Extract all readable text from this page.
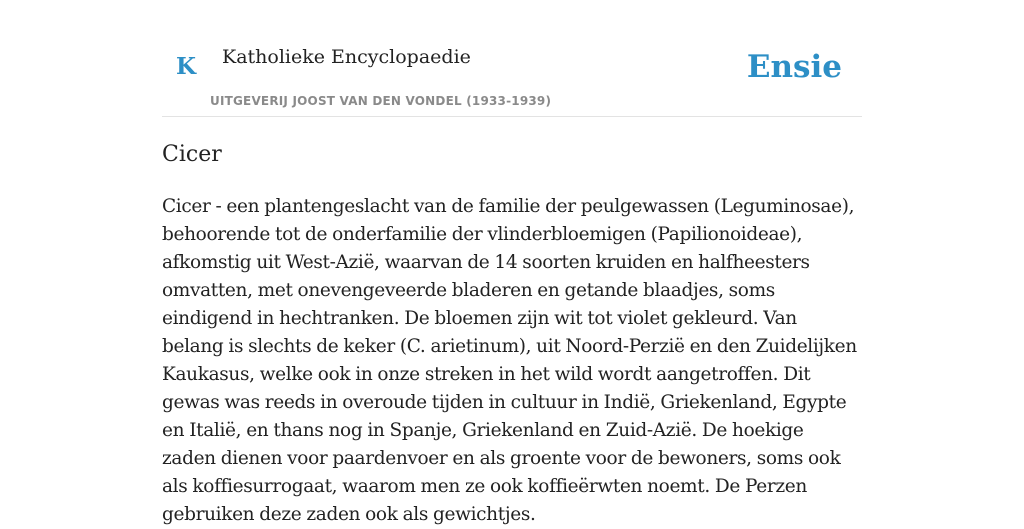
K Katholieke Encyclopaedie
UITGEVERIJ JOOST VAN DEN VONDEL (1933-1939)
Ensie
Cicer

Cicer - een plantengeslacht van de familie der peulgewassen (Leguminosae), behoorende tot de onderfamilie der vlinderbloemigen (Papilionoideae), afkomstig uit West-Azië, waarvan de 14 soorten kruiden en halfheesters omvatten, met onevengeveerde bladeren en getande blaadjes, soms eindigend in hechtranken. De bloemen zijn wit tot violet gekleurd. Van belang is slechts de keker (C. arietinum), uit Noord-Perzië en den Zuidelijken Kaukasus, welke ook in onze streken in het wild wordt aangetroffen. Dit gewas was reeds in overoude tijden in cultuur in Indië, Griekenland, Egypte en Italië, en thans nog in Spanje, Griekenland en Zuid-Azië. De hoekige zaden dienen voor paardenvoer en als groente voor de bewoners, soms ook als koffiesurrogaat, waarom men ze ook koffieërwten noemt. De Perzen gebruiken deze zaden ook als gewichtjes.
